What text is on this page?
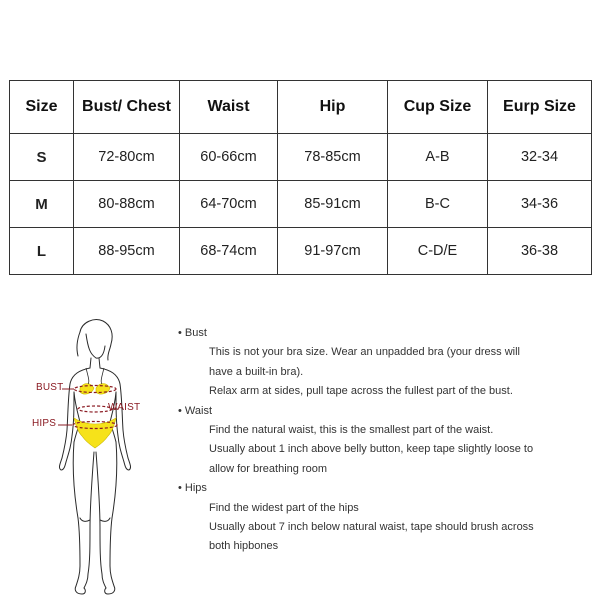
Size	Bust/ Chest	Waist	Hip	Cup Size	Eurp Size
S	72-80cm	60-66cm	78-85cm	A-B	32-34
M	80-88cm	64-70cm	85-91cm	B-C	34-36
L	88-95cm	68-74cm	91-97cm	C-D/E	36-38
BUST
WAIST
HIPS
• Bust
This is not your bra size. Wear an unpadded bra (your dress will
have a built-in bra).
Relax arm at sides, pull tape across the fullest part of the bust.
• Waist
Find the natural waist, this is the smallest part of the waist.
Usually about 1 inch above belly button, keep tape slightly loose to
allow for breathing room
• Hips
Find the widest part of the hips
Usually about 7 inch below natural waist, tape should brush across
both hipbones
